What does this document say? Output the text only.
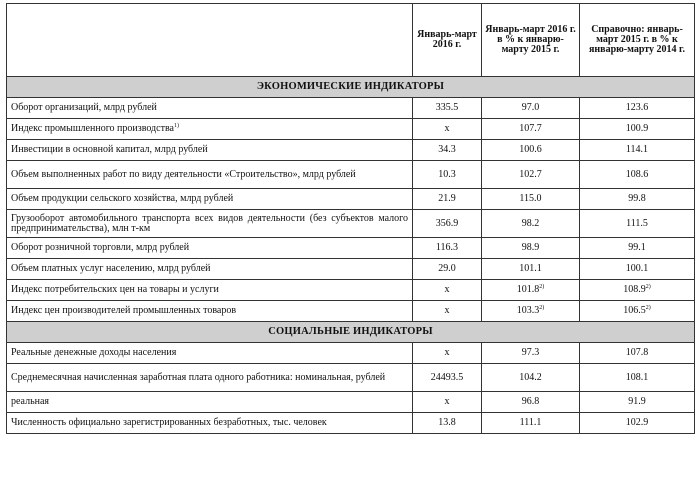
	Январь-март 2016 г.	Январь-март 2016 г. в % к январю-марту 2015 г.	Справочно: январь-март 2015 г. в % к январю-марту 2014 г.
ЭКОНОМИЧЕСКИЕ ИНДИКАТОРЫ			
Оборот организаций, млрд рублей	335.5	97.0	123.6
Индекс промышленного производства$^{1)}$	х	107.7	100.9
Инвестиции в основной капитал, млрд рублей	34.3	100.6	114.1
Объем выполненных работ по виду деятельности «Строительство», млрд рублей	10.3	102.7	108.6
Объем продукции сельского хозяйства, млрд рублей	21.9	115.0	99.8
Грузооборот автомобильного транспорта всех видов деятельности (без субъектов малого предпринимательства), млн т-км	356.9	98.2	111.5
Оборот розничной торговли, млрд рублей	116.3	98.9	99.1
Объем платных услуг населению, млрд рублей	29.0	101.1	100.1
Индекс потребительских цен на товары и услуги	х	101.8$^{2)}$	108.9$^{2)}$
Индекс цен производителей промышленных товаров	х	103.3$^{2)}$	106.5$^{2)}$
СОЦИАЛЬНЫЕ ИНДИКАТОРЫ			
Реальные денежные доходы населения	х	97.3	107.8
Среднемесячная начисленная заработная плата одного работника: номинальная, рублей	24493.5	104.2	108.1
реальная	х	96.8	91.9
Численность официально зарегистрированных безработных, тыс. человек	13.8	111.1	102.9
